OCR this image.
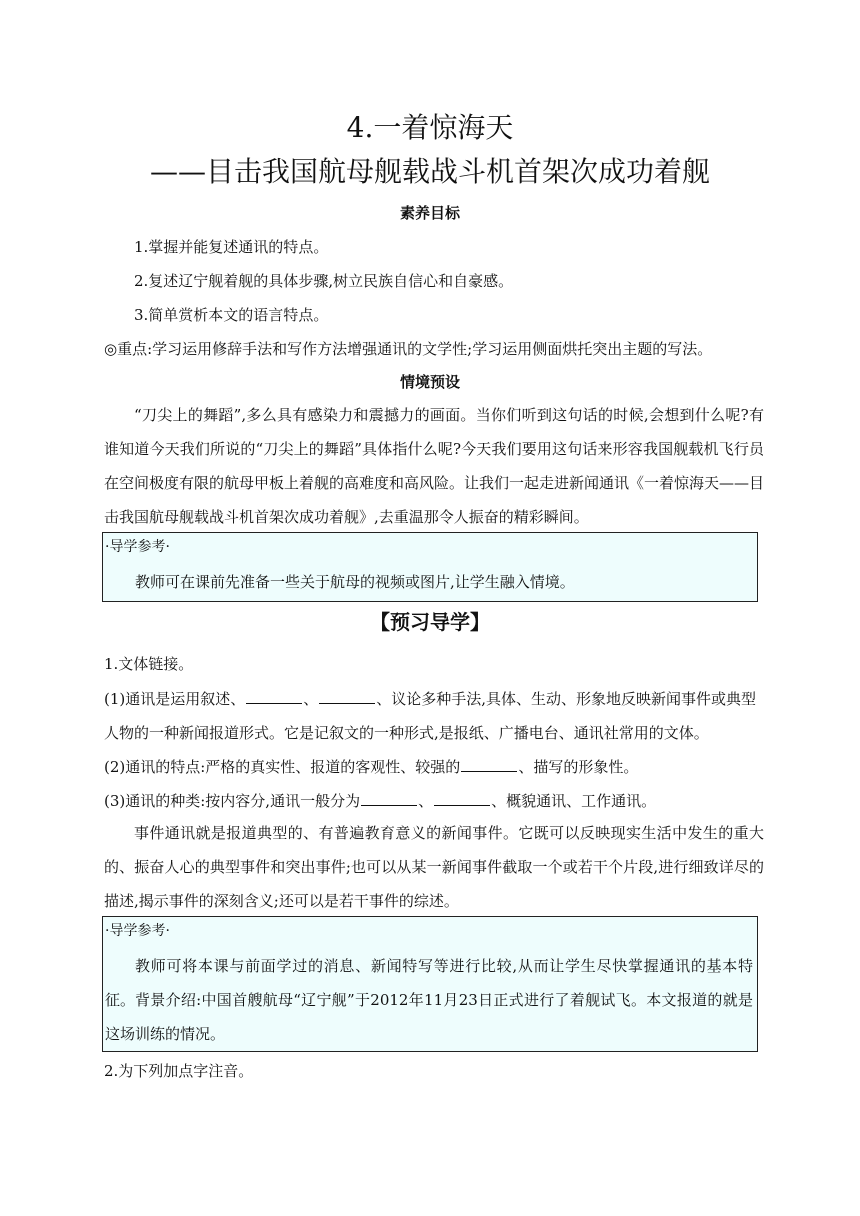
4.一着惊海天
——目击我国航母舰载战斗机首架次成功着舰
素养目标
1.掌握并能复述通讯的特点。
2.复述辽宁舰着舰的具体步骤,树立民族自信心和自豪感。
3.简单赏析本文的语言特点。
◎重点:学习运用修辞手法和写作方法增强通讯的文学性;学习运用侧面烘托突出主题的写法。
情境预设
“刀尖上的舞蹈”,多么具有感染力和震撼力的画面。当你们听到这句话的时候,会想到什么呢?有谁知道今天我们所说的“刀尖上的舞蹈”具体指什么呢?今天我们要用这句话来形容我国舰载机飞行员在空间极度有限的航母甲板上着舰的高难度和高风险。让我们一起走进新闻通讯《一着惊海天——目击我国航母舰载战斗机首架次成功着舰》,去重温那令人振奋的精彩瞬间。
·导学参考·
教师可在课前先准备一些关于航母的视频或图片,让学生融入情境。
【预习导学】
1.文体链接。
(1)通讯是运用叙述、	、	、议论多种手法,具体、生动、形象地反映新闻事件或典型
人物的一种新闻报道形式。它是记叙文的一种形式,是报纸、广播电台、通讯社常用的文体。
(2)通讯的特点:严格的真实性、报道的客观性、较强的	、描写的形象性。
(3)通讯的种类:按内容分,通讯一般分为	、	、概貌通讯、工作通讯。
事件通讯就是报道典型的、有普遍教育意义的新闻事件。它既可以反映现实生活中发生的重大的、振奋人心的典型事件和突出事件;也可以从某一新闻事件截取一个或若干个片段,进行细致详尽的描述,揭示事件的深刻含义;还可以是若干事件的综述。
·导学参考·
教师可将本课与前面学过的消息、新闻特写等进行比较,从而让学生尽快掌握通讯的基本特征。 背景介绍:中国首艘航母“辽宁舰”于2012年11月23日正式进行了着舰试飞。本文报道的就是这场训练的情况。
2.为下列加点字注音。
